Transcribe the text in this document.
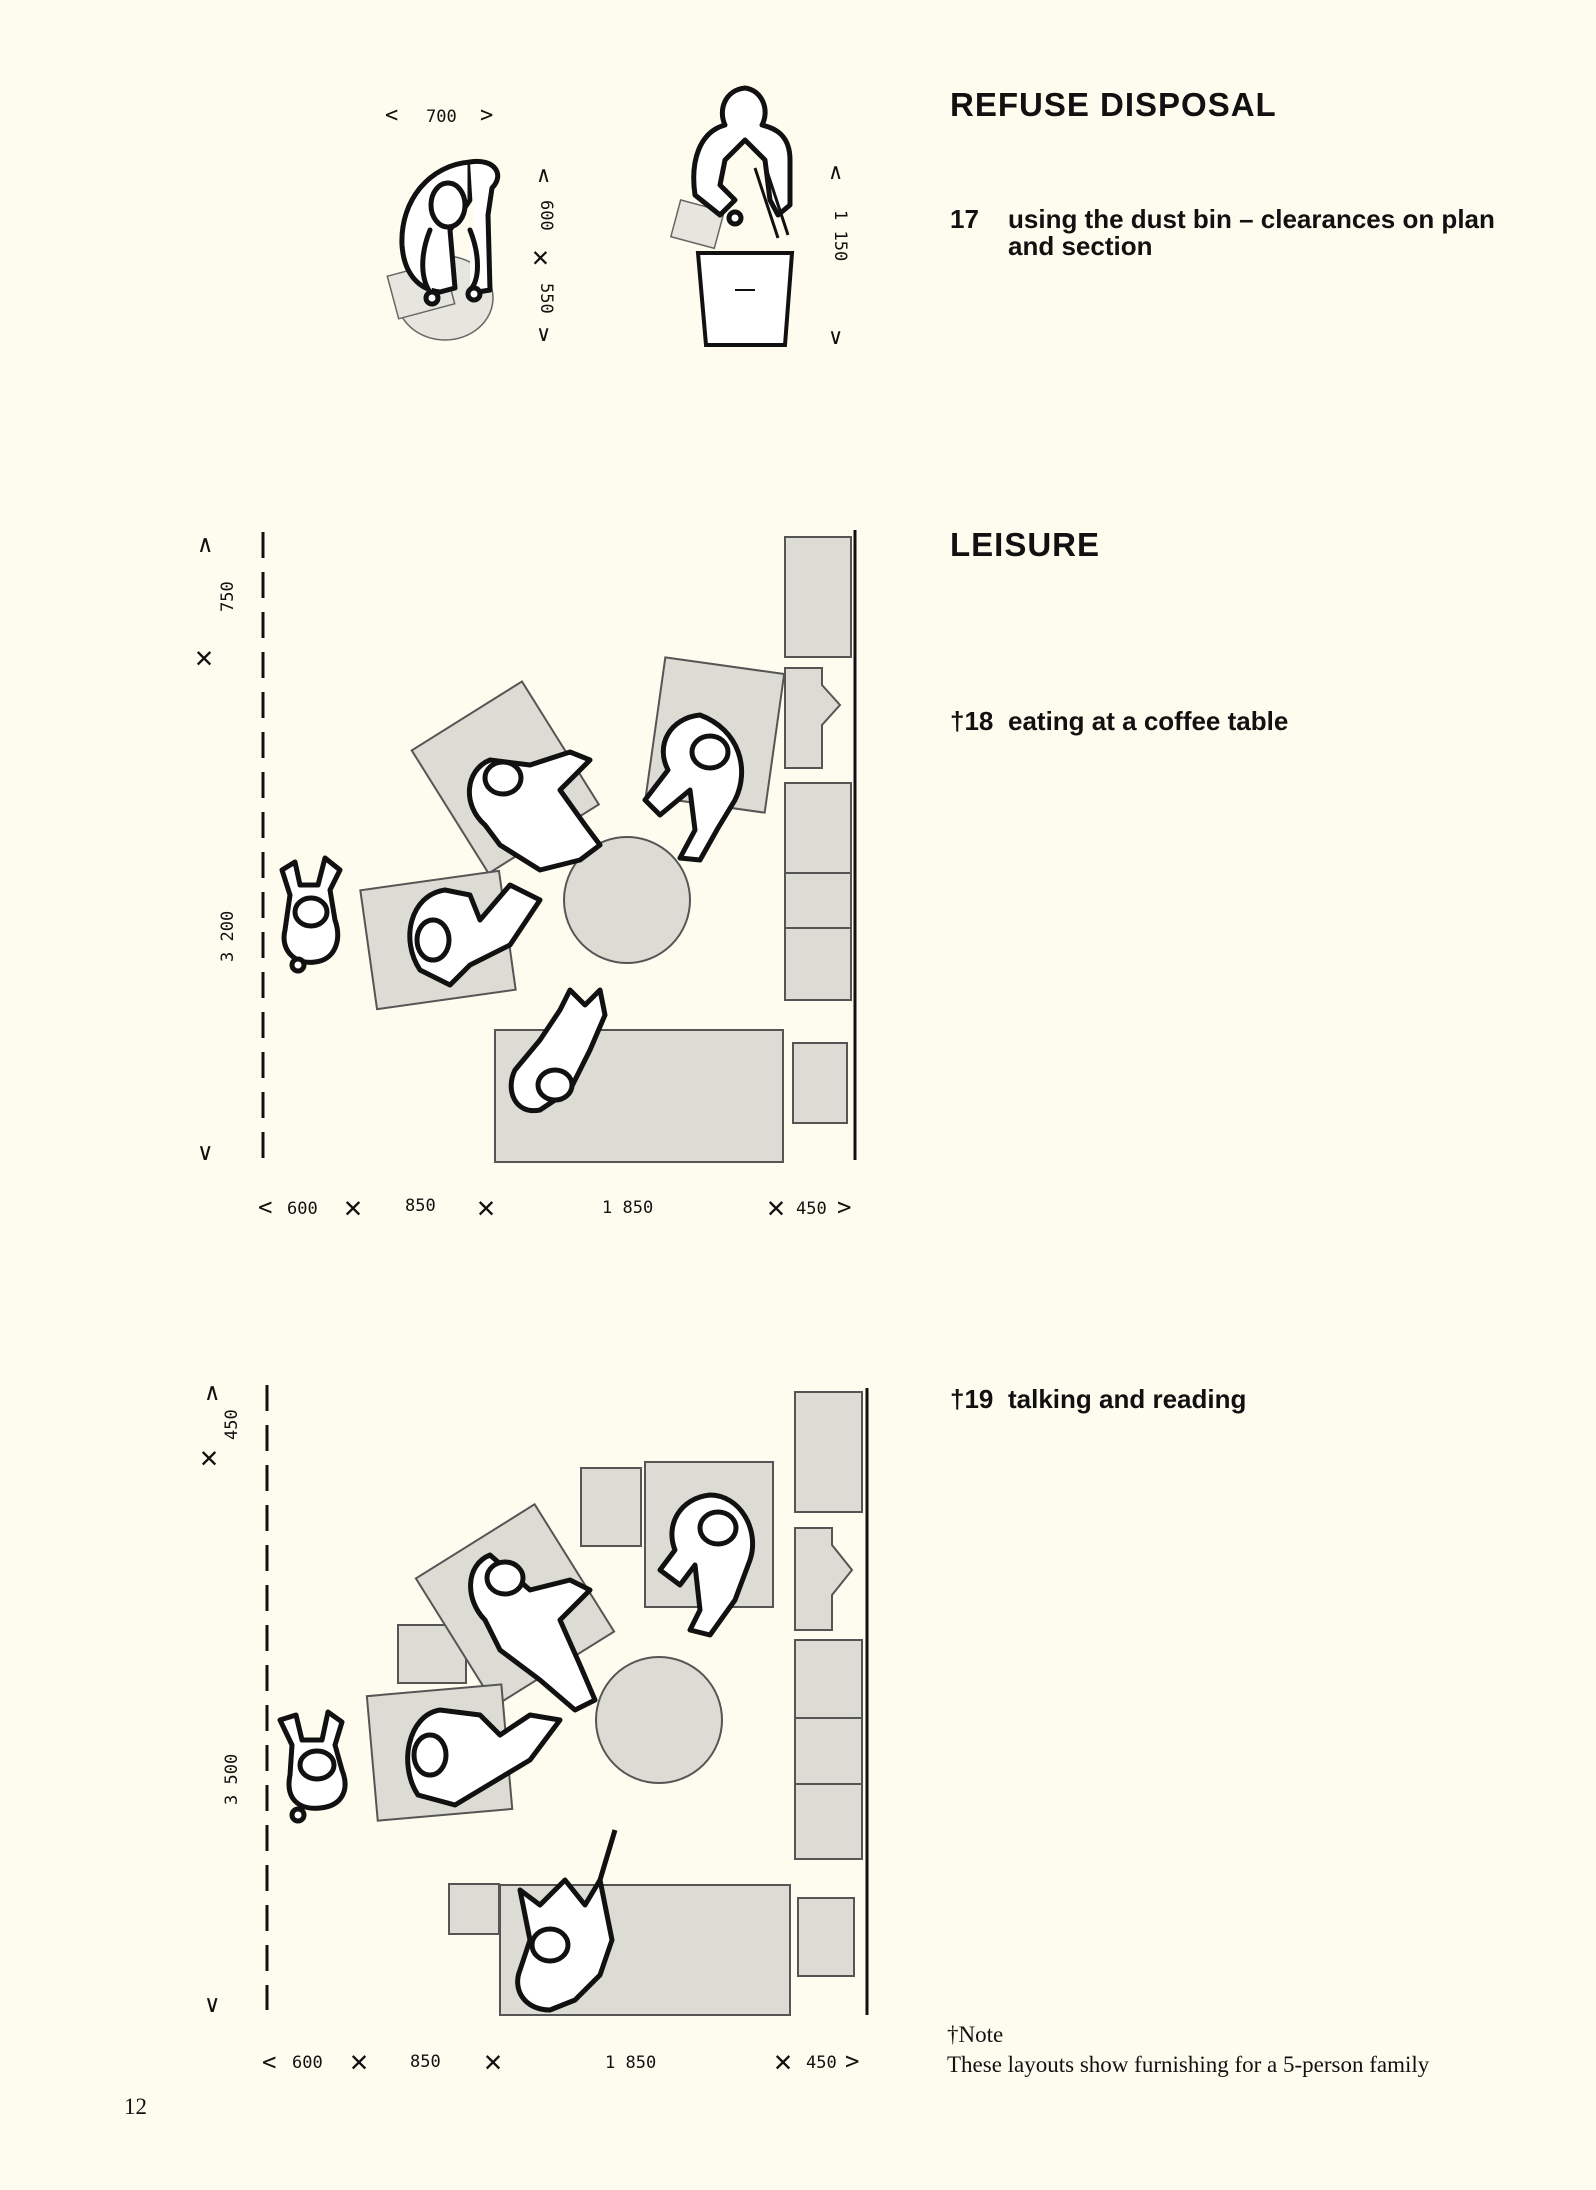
REFUSE DISPOSAL
17 using the dust bin – clearances on plan
and section
LEISURE
†18 eating at a coffee table
†19 talking and reading
< 700 >
∧
600
✕
550
∨
∧
1 150
∨
∧
750
✕
3 200
∨
< 600 ✕	850 ✕	1 850	✕ 450 >
∧
450
✕
3 500
∨
< 600 ✕ 850 ✕	1 850	✕ 450 >
†Note
These layouts show furnishing for a 5-person family
12
